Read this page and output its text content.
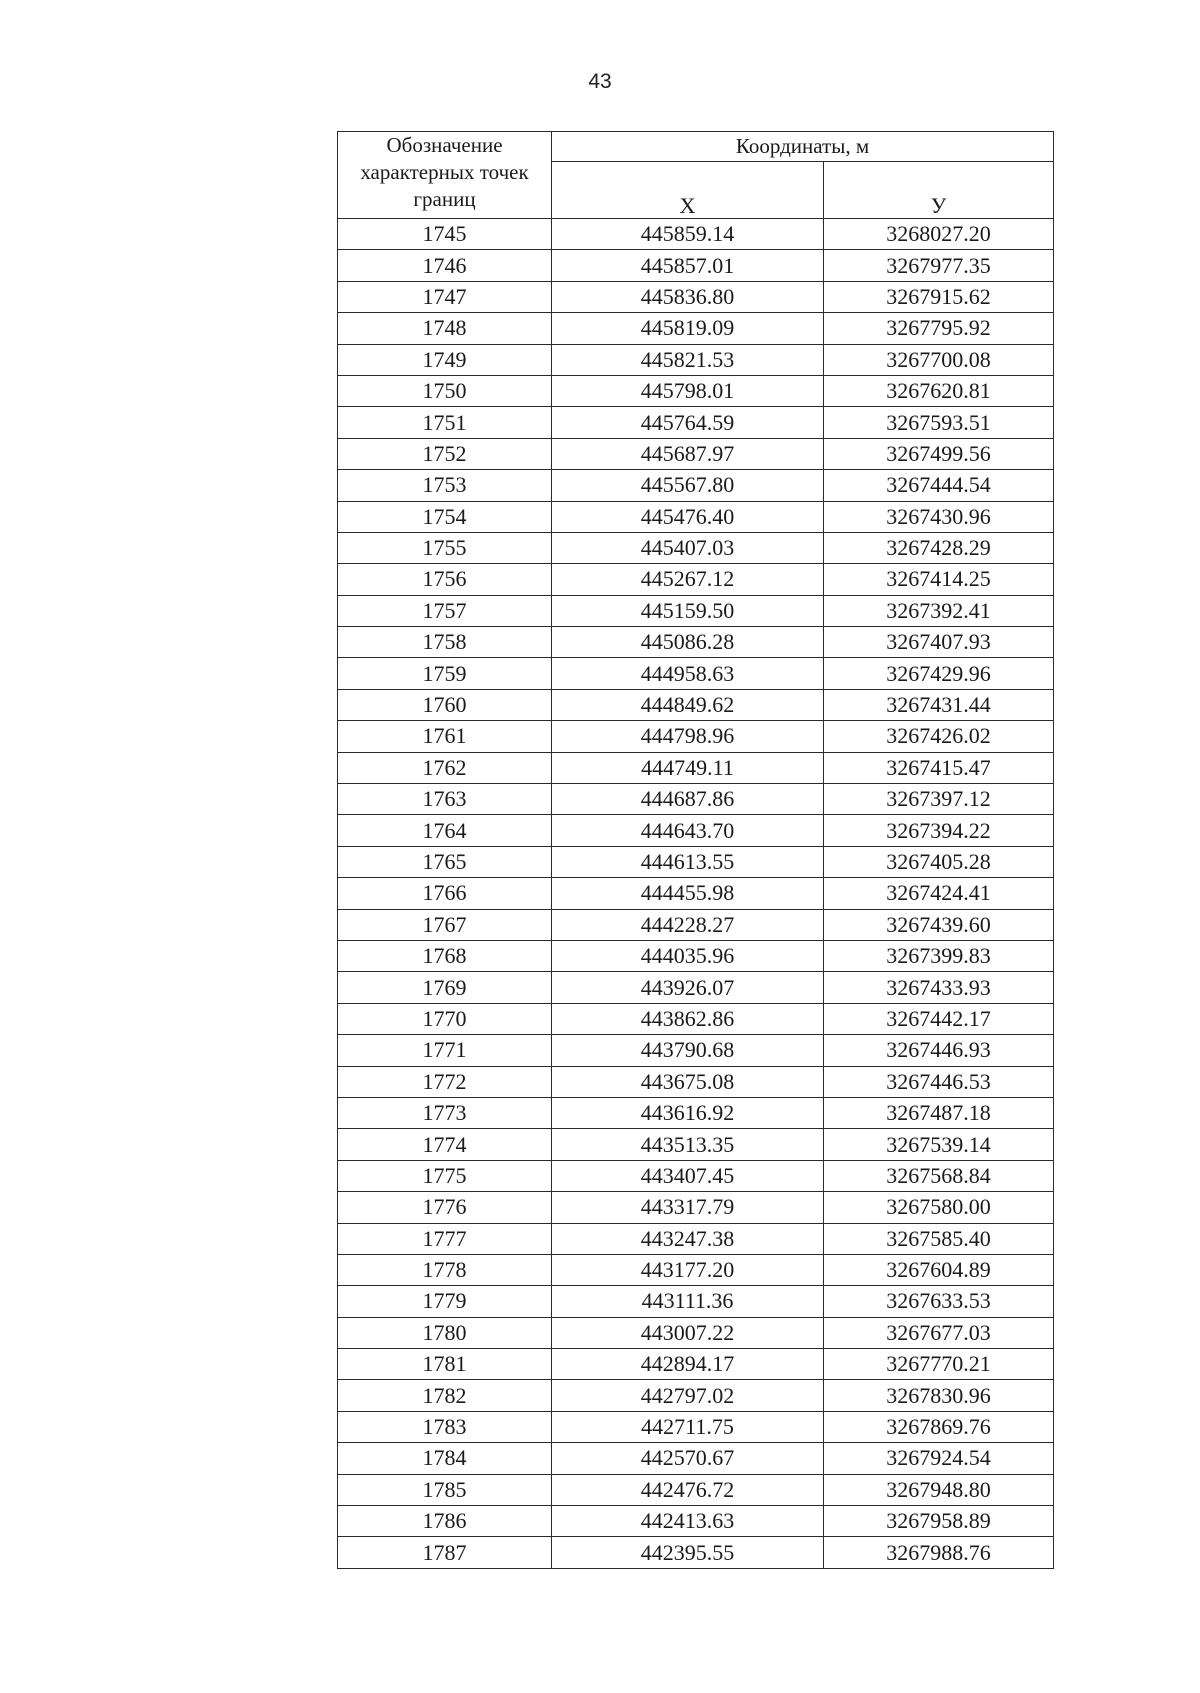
43
Обозначение характерных точек границ	Координаты, м	
	X	У
1745	445859.14	3268027.20
1746	445857.01	3267977.35
1747	445836.80	3267915.62
1748	445819.09	3267795.92
1749	445821.53	3267700.08
1750	445798.01	3267620.81
1751	445764.59	3267593.51
1752	445687.97	3267499.56
1753	445567.80	3267444.54
1754	445476.40	3267430.96
1755	445407.03	3267428.29
1756	445267.12	3267414.25
1757	445159.50	3267392.41
1758	445086.28	3267407.93
1759	444958.63	3267429.96
1760	444849.62	3267431.44
1761	444798.96	3267426.02
1762	444749.11	3267415.47
1763	444687.86	3267397.12
1764	444643.70	3267394.22
1765	444613.55	3267405.28
1766	444455.98	3267424.41
1767	444228.27	3267439.60
1768	444035.96	3267399.83
1769	443926.07	3267433.93
1770	443862.86	3267442.17
1771	443790.68	3267446.93
1772	443675.08	3267446.53
1773	443616.92	3267487.18
1774	443513.35	3267539.14
1775	443407.45	3267568.84
1776	443317.79	3267580.00
1777	443247.38	3267585.40
1778	443177.20	3267604.89
1779	443111.36	3267633.53
1780	443007.22	3267677.03
1781	442894.17	3267770.21
1782	442797.02	3267830.96
1783	442711.75	3267869.76
1784	442570.67	3267924.54
1785	442476.72	3267948.80
1786	442413.63	3267958.89
1787	442395.55	3267988.76
